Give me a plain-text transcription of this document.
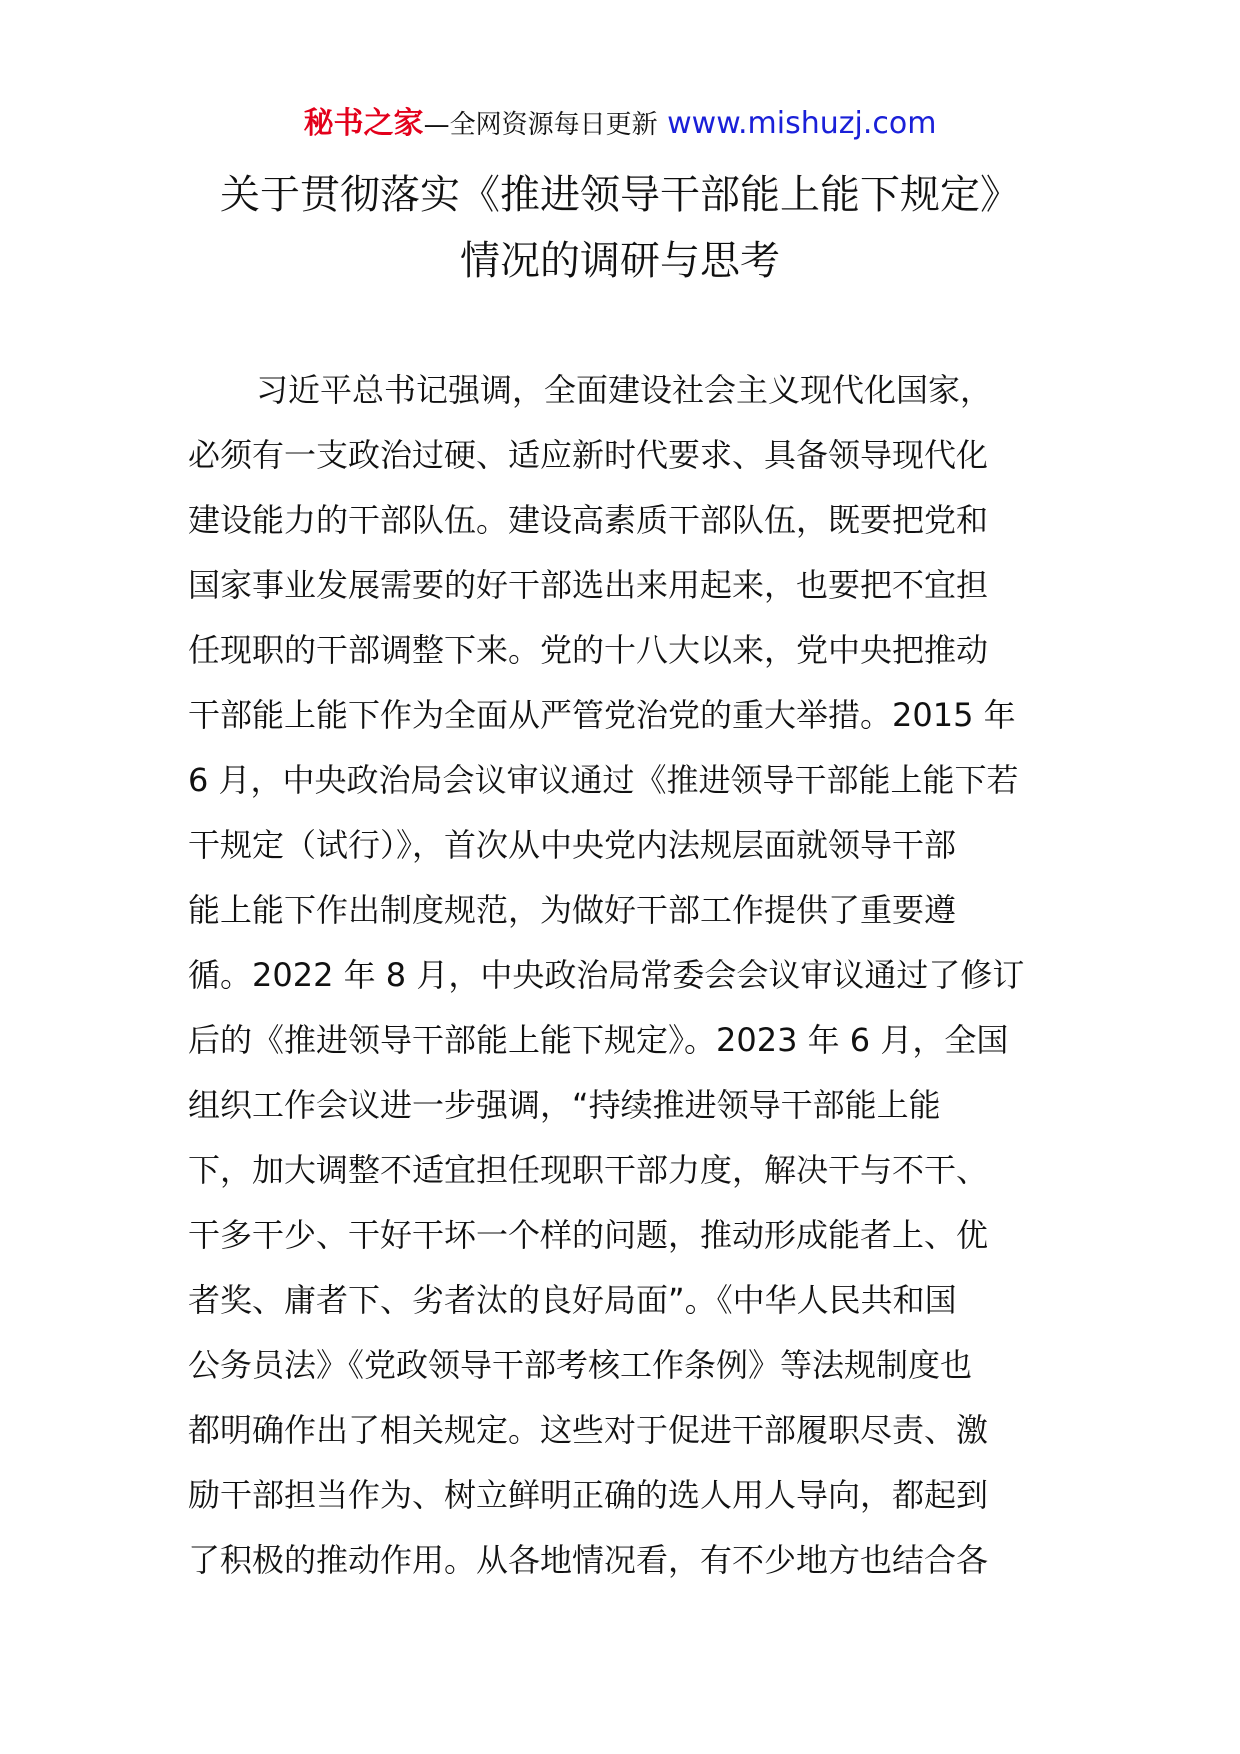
秘书之家—全网资源每日更新 www.mishuzj.com
关于贯彻落实《推进领导干部能上能下规定》
情况的调研与思考
习近平总书记强调，全面建设社会主义现代化国家，
必须有一支政治过硬、适应新时代要求、具备领导现代化
建设能力的干部队伍。建设高素质干部队伍，既要把党和
国家事业发展需要的好干部选出来用起来，也要把不宜担
任现职的干部调整下来。党的十八大以来，党中央把推动
干部能上能下作为全面从严管党治党的重大举措。2015 年
6 月，中央政治局会议审议通过《推进领导干部能上能下若
干规定（试行）》，首次从中央党内法规层面就领导干部
能上能下作出制度规范，为做好干部工作提供了重要遵
循。2022 年 8 月，中央政治局常委会会议审议通过了修订
后的《推进领导干部能上能下规定》。2023 年 6 月，全国
组织工作会议进一步强调，“持续推进领导干部能上能
下，加大调整不适宜担任现职干部力度，解决干与不干、
干多干少、干好干坏一个样的问题，推动形成能者上、优
者奖、庸者下、劣者汰的良好局面”。《中华人民共和国
公务员法》《党政领导干部考核工作条例》等法规制度也
都明确作出了相关规定。这些对于促进干部履职尽责、激
励干部担当作为、树立鲜明正确的选人用人导向，都起到
了积极的推动作用。从各地情况看，有不少地方也结合各
